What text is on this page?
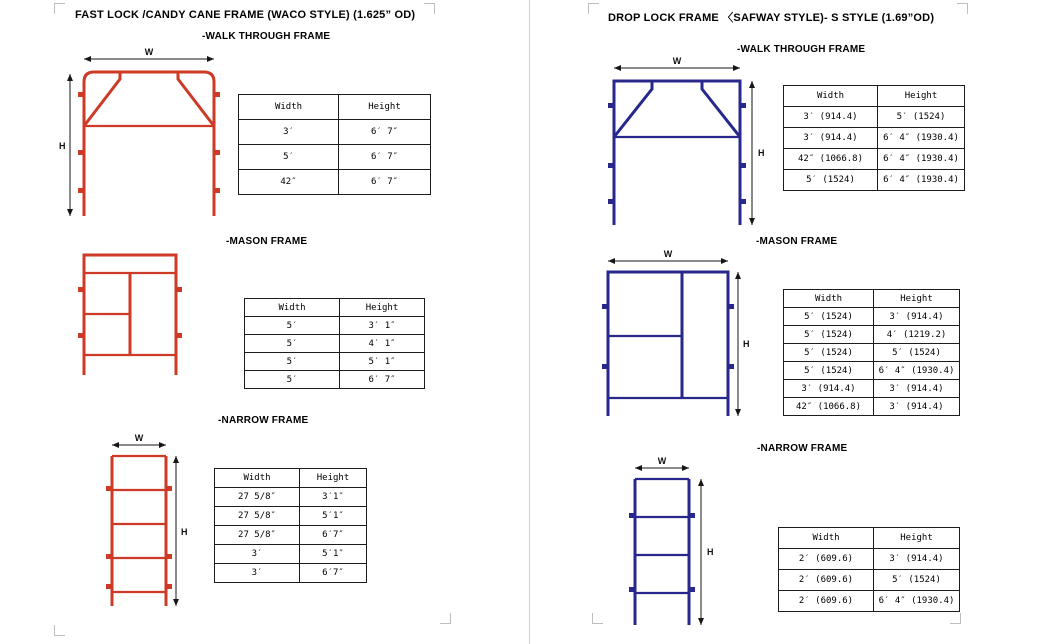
FAST LOCK /CANDY CANE FRAME (WACO STYLE) (1.625” OD)
-WALK THROUGH FRAME
W
H
Width	Height
3′	6′ 7″
5′	6′ 7″
42″	6′ 7″
-MASON FRAME
Width	Height
5′	3′ 1″
5′	4′ 1″
5′	5′ 1″
5′	6′ 7″
-NARROW FRAME
W
H
Width	Height
27 5/8″	3′1″
27 5/8″	5′1″
27 5/8″	6′7″
3′	5′1″
3′	6′7″
DROP LOCK FRAME 〈SAFWAY STYLE)- S STYLE (1.69”OD)
-WALK THROUGH FRAME
W
H
Width	Height
3′ (914.4)	5′ (1524)
3′ (914.4)	6′ 4″ (1930.4)
42″ (1066.8)	6′ 4″ (1930.4)
5′ (1524)	6′ 4″ (1930.4)
-MASON FRAME
W
H
Width	Height
5′ (1524)	3′ (914.4)
5′ (1524)	4′ (1219.2)
5′ (1524)	5′ (1524)
5′ (1524)	6′ 4″ (1930.4)
3′ (914.4)	3′ (914.4)
42″ (1066.8)	3′ (914.4)
-NARROW FRAME
W
H
Width	Height
2′ (609.6)	3′ (914.4)
2′ (609.6)	5′ (1524)
2′ (609.6)	6′ 4″ (1930.4)
